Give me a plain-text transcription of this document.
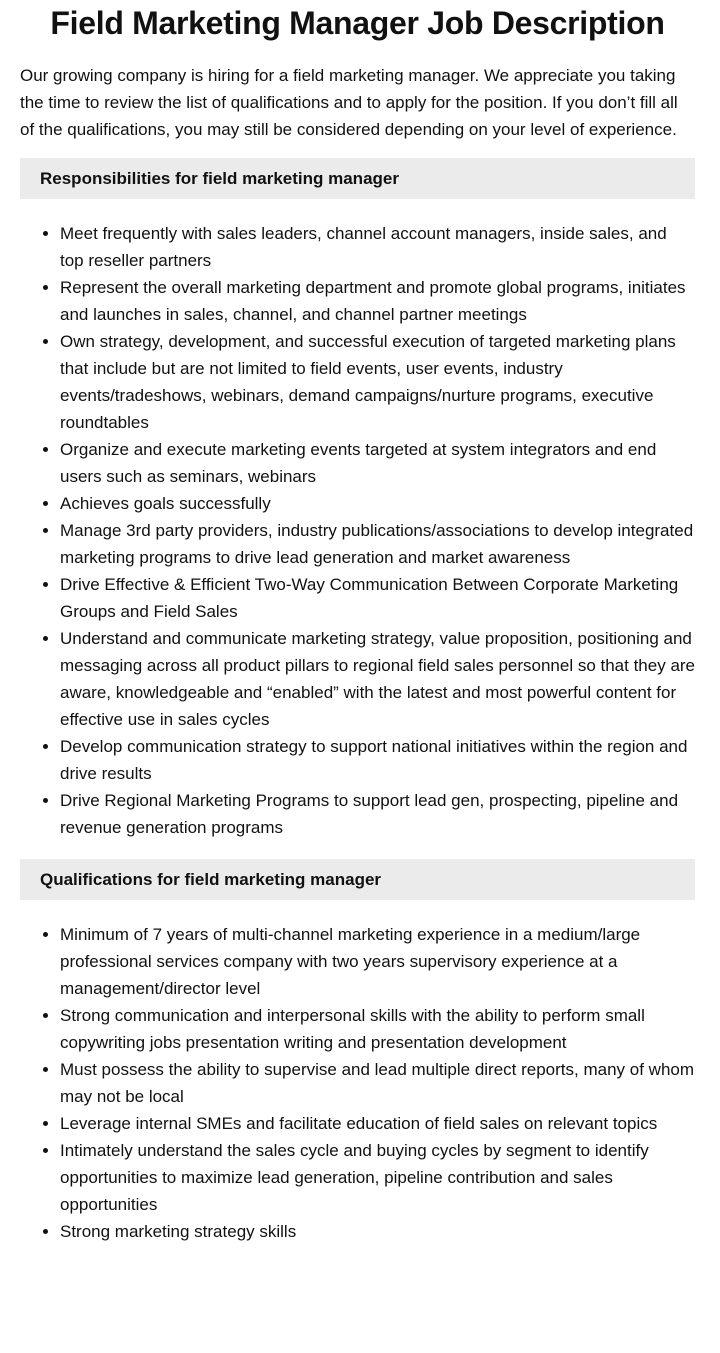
Field Marketing Manager Job Description

Our growing company is hiring for a field marketing manager. We appreciate you taking the time to review the list of qualifications and to apply for the position. If you don’t fill all of the qualifications, you may still be considered depending on your level of experience.

Responsibilities for field marketing manager
• Meet frequently with sales leaders, channel account managers, inside sales, and top reseller partners
• Represent the overall marketing department and promote global programs, initiates and launches in sales, channel, and channel partner meetings
• Own strategy, development, and successful execution of targeted marketing plans that include but are not limited to field events, user events, industry events/tradeshows, webinars, demand campaigns/nurture programs, executive roundtables
• Organize and execute marketing events targeted at system integrators and end users such as seminars, webinars
• Achieves goals successfully
• Manage 3rd party providers, industry publications/associations to develop integrated marketing programs to drive lead generation and market awareness
• Drive Effective & Efficient Two-Way Communication Between Corporate Marketing Groups and Field Sales
• Understand and communicate marketing strategy, value proposition, positioning and messaging across all product pillars to regional field sales personnel so that they are aware, knowledgeable and “enabled” with the latest and most powerful content for effective use in sales cycles
• Develop communication strategy to support national initiatives within the region and drive results
• Drive Regional Marketing Programs to support lead gen, prospecting, pipeline and revenue generation programs
Qualifications for field marketing manager
• Minimum of 7 years of multi-channel marketing experience in a medium/large professional services company with two years supervisory experience at a management/director level
• Strong communication and interpersonal skills with the ability to perform small copywriting jobs presentation writing and presentation development
• Must possess the ability to supervise and lead multiple direct reports, many of whom may not be local
• Leverage internal SMEs and facilitate education of field sales on relevant topics
• Intimately understand the sales cycle and buying cycles by segment to identify opportunities to maximize lead generation, pipeline contribution and sales opportunities
• Strong marketing strategy skills
